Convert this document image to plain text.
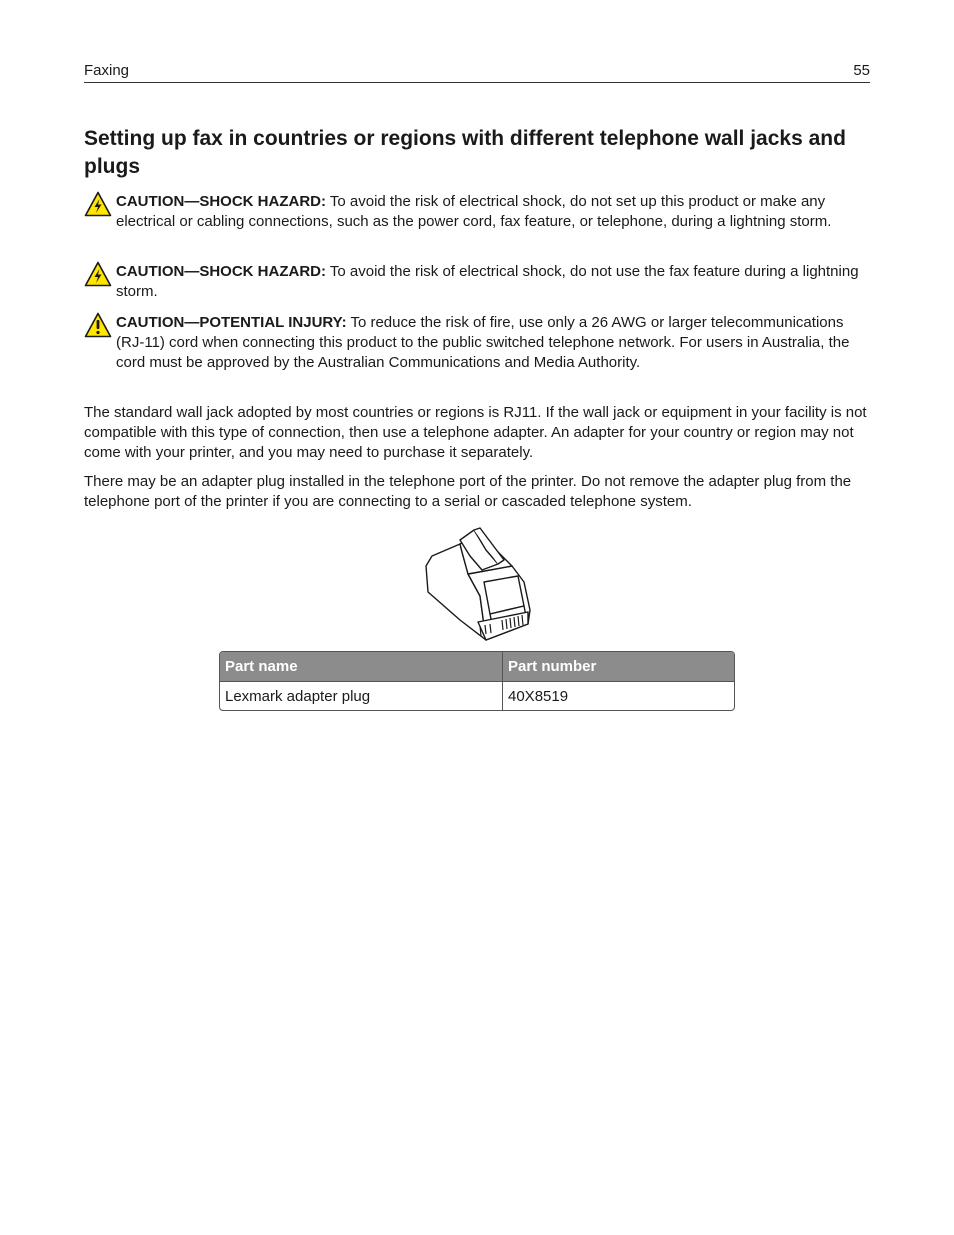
Faxing	55
Setting up fax in countries or regions with different telephone wall jacks and plugs
CAUTION—SHOCK HAZARD: To avoid the risk of electrical shock, do not set up this product or make any electrical or cabling connections, such as the power cord, fax feature, or telephone, during a lightning storm.
CAUTION—SHOCK HAZARD: To avoid the risk of electrical shock, do not use the fax feature during a lightning storm.
CAUTION—POTENTIAL INJURY: To reduce the risk of fire, use only a 26 AWG or larger telecommunications (RJ‑11) cord when connecting this product to the public switched telephone network. For users in Australia, the cord must be approved by the Australian Communications and Media Authority.

The standard wall jack adopted by most countries or regions is RJ11. If the wall jack or equipment in your facility is not compatible with this type of connection, then use a telephone adapter. An adapter for your country or region may not come with your printer, and you may need to purchase it separately.

There may be an adapter plug installed in the telephone port of the printer. Do not remove the adapter plug from the telephone port of the printer if you are connecting to a serial or cascaded telephone system.

Part name	Part number
Lexmark adapter plug	40X8519
